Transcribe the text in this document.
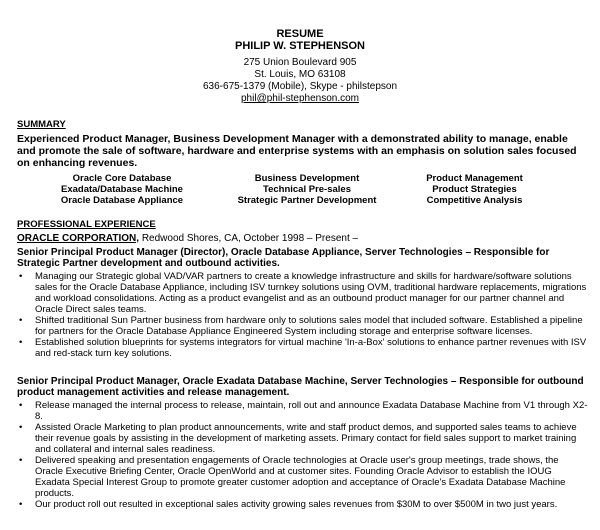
RESUME
PHILIP W. STEPHENSON
275 Union Boulevard 905
St. Louis, MO 63108
636-675-1379 (Mobile), Skype - philstepson
phil@phil-stephenson.com
SUMMARY
Experienced Product Manager, Business Development Manager with a demonstrated ability to manage, enable and promote the sale of software, hardware and enterprise systems with an emphasis on solution sales focused on enhancing revenues.
Oracle Core Database	Business Development	Product Management
Exadata/Database Machine	Technical Pre-sales	Product Strategies
Oracle Database Appliance	Strategic Partner Development	Competitive Analysis
PROFESSIONAL EXPERIENCE
ORACLE CORPORATION, Redwood Shores, CA, October 1998 – Present –
Senior Principal Product Manager (Director), Oracle Database Appliance, Server Technologies – Responsible for Strategic Partner development and outbound activities.
• Managing our Strategic global VAD/VAR partners to create a knowledge infrastructure and skills for hardware/software solutions sales for the Oracle Database Appliance, including ISV turnkey solutions using OVM, traditional hardware replacements, migrations and workload consolidations. Acting as a product evangelist and as an outbound product manager for our partner channel and Oracle Direct sales teams.
• Shifted traditional Sun Partner business from hardware only to solutions sales model that included software. Established a pipeline for partners for the Oracle Database Appliance Engineered System including storage and enterprise software licenses.
• Established solution blueprints for systems integrators for virtual machine 'In-a-Box' solutions to enhance partner revenues with ISV and red-stack turn key solutions.
Senior Principal Product Manager, Oracle Exadata Database Machine, Server Technologies – Responsible for outbound product management activities and release management.
• Release managed the internal process to release, maintain, roll out and announce Exadata Database Machine from V1 through X2-8.
• Assisted Oracle Marketing to plan product announcements, write and staff product demos, and supported sales teams to achieve their revenue goals by assisting in the development of marketing assets. Primary contact for field sales support to market training and collateral and internal sales readiness.
• Delivered speaking and presentation engagements of Oracle technologies at Oracle user's group meetings, trade shows, the Oracle Executive Briefing Center, Oracle OpenWorld and at customer sites. Founding Oracle Advisor to establish the IOUG Exadata Special Interest Group to promote greater customer adoption and acceptance of Oracle's Exadata Database Machine products.
• Our product roll out resulted in exceptional sales activity growing sales revenues from $30M to over $500M in two just years.
